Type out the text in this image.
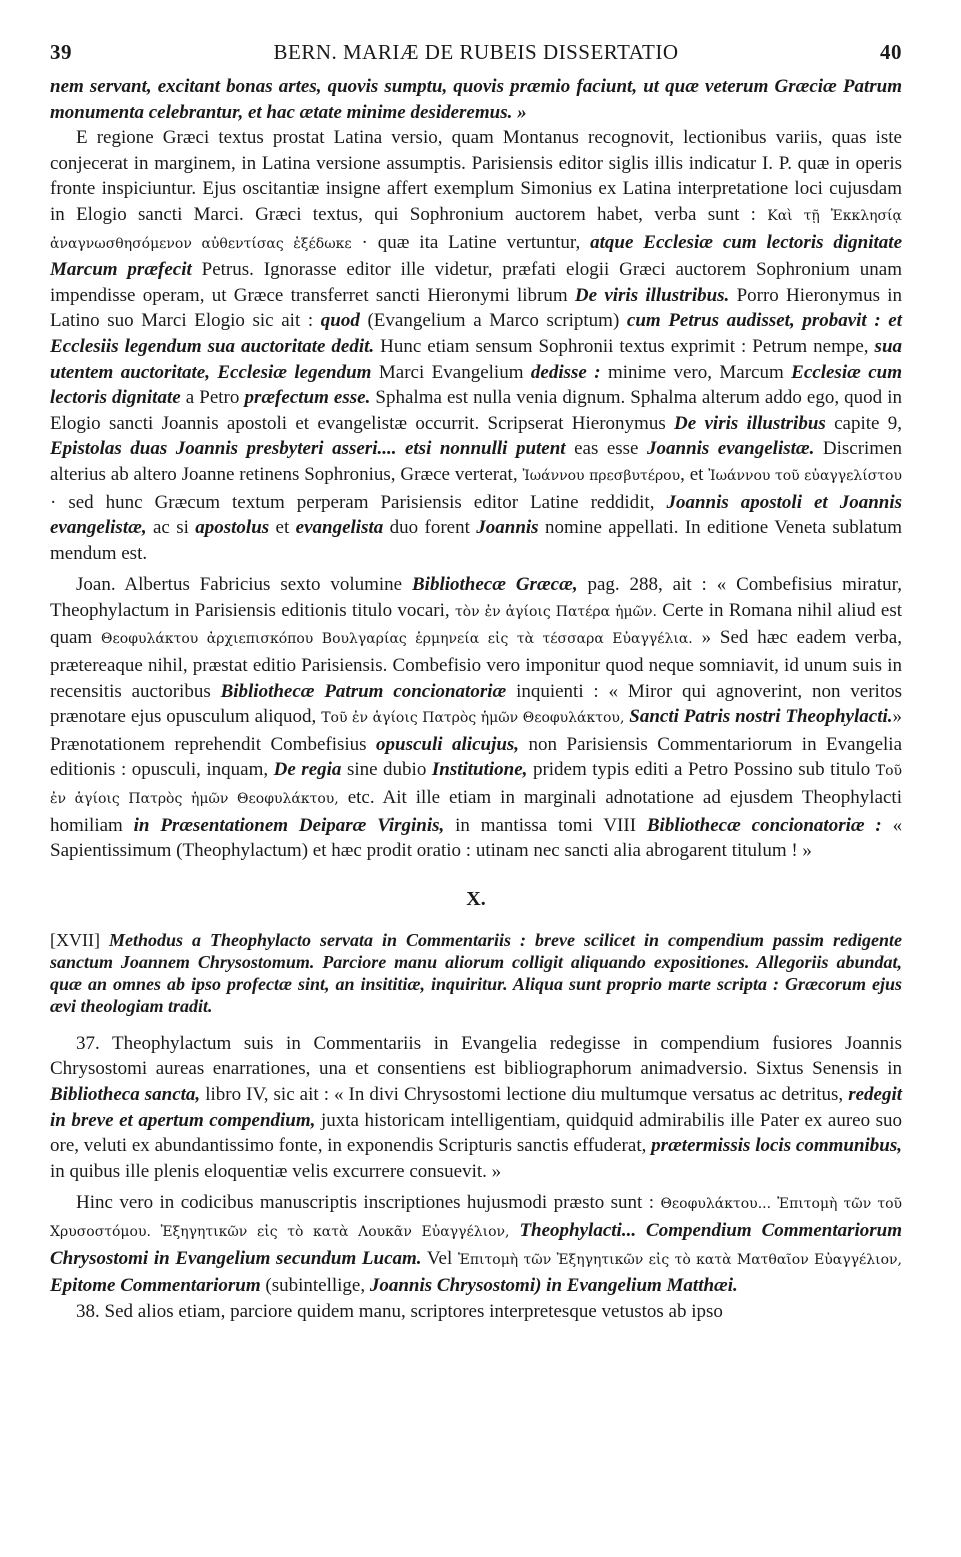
39	BERN. MARIÆ DE RUBEIS DISSERTATIO	40

nem servant, excitant bonas artes, quovis sumptu, quovis præmio faciunt, ut quæ veterum Græciæ Patrum monumenta celebrantur, et hac ætate minime desideremus. »

E regione Græci textus prostat Latina versio, quam Montanus recognovit, lectionibus variis, quas iste conjecerat in marginem, in Latina versione assumptis. Parisiensis editor siglis illis indicatur I. P. quæ in operis fronte inspiciuntur. Ejus oscitantiæ insigne affert exemplum Simonius ex Latina interpretatione loci cujusdam in Elogio sancti Marci. Græci textus, qui Sophronium auctorem habet, verba sunt : Καὶ τῇ Ἐκκλησίᾳ ἀναγνωσθησόμενον αὐθεντίσας ἐξέδωκε · quæ ita Latine vertuntur, atque Ecclesiæ cum lectoris dignitate Marcum præfecit Petrus. Ignorasse editor ille videtur, præfati elogii Græci auctorem Sophronium unam impendisse operam, ut Græce transferret sancti Hieronymi librum De viris illustribus. Porro Hieronymus in Latino suo Marci Elogio sic ait : quod (Evangelium a Marco scriptum) cum Petrus audisset, probavit : et Ecclesiis legendum sua auctoritate dedit. Hunc etiam sensum Sophronii textus exprimit : Petrum nempe, sua utentem auctoritate, Ecclesiæ legendum Marci Evangelium dedisse : minime vero, Marcum Ecclesiæ cum lectoris dignitate a Petro præfectum esse. Sphalma est nulla venia dignum. Sphalma alterum addo ego, quod in Elogio sancti Joannis apostoli et evangelistæ occurrit. Scripserat Hieronymus De viris illustribus capite 9, Epistolas duas Joannis presbyteri asseri.... etsi nonnulli putent eas esse Joannis evangelistæ. Discrimen alterius ab altero Joanne retinens Sophronius, Græce verterat, Ἰωάννου πρεσβυτέρου, et Ἰωάννου τοῦ εὐαγγελίστου · sed hunc Græcum textum perperam Parisiensis editor Latine reddidit, Joannis apostoli et Joannis evangelistæ, ac si apostolus et evangelista duo forent Joannis nomine appellati. In editione Veneta sublatum mendum est.

Joan. Albertus Fabricius sexto volumine Bibliothecæ Græcæ, pag. 288, ait : « Combefisius miratur, Theophylactum in Parisiensis editionis titulo vocari, τὸν ἐν ἁγίοις Πατέρα ἡμῶν. Certe in Romana nihil aliud est quam Θεοφυλάκτου ἀρχιεπισκόπου Βουλγαρίας ἑρμηνεία εἰς τὰ τέσσαρα Εὐαγγέλια. » Sed hæc eadem verba, prætereaque nihil, præstat editio Parisiensis. Combefisio vero imponitur quod neque somniavit, id unum suis in recensitis auctoribus Bibliothecæ Patrum concionatoriæ inquienti : « Miror qui agnoverint, non veritos prænotare ejus opusculum aliquod, Τοῦ ἐν ἁγίοις Πατρὸς ἡμῶν Θεοφυλάκτου, Sancti Patris nostri Theophylacti.» Prænotationem reprehendit Combefisius opusculi alicujus, non Parisiensis Commentariorum in Evangelia editionis : opusculi, inquam, De regia sine dubio Institutione, pridem typis editi a Petro Possino sub titulo Τοῦ ἐν ἁγίοις Πατρὸς ἡμῶν Θεοφυλάκτου, etc. Ait ille etiam in marginali adnotatione ad ejusdem Theophylacti homiliam in Præsentationem Deiparæ Virginis, in mantissa tomi VIII Bibliothecæ concionatoriæ : « Sapientissimum (Theophylactum) et hæc prodit oratio : utinam nec sancti alia abrogarent titulum ! »

X.

[XVII] Methodus a Theophylacto servata in Commentariis : breve scilicet in compendium passim redigente sanctum Joannem Chrysostomum. Parciore manu aliorum colligit aliquando expositiones. Allegoriis abundat, quæ an omnes ab ipso profectæ sint, an insititiæ, inquiritur. Aliqua sunt proprio marte scripta : Græcorum ejus ævi theologiam tradit.

37. Theophylactum suis in Commentariis in Evangelia redegisse in compendium fusiores Joannis Chrysostomi aureas enarrationes, una et consentiens est bibliographorum animadversio. Sixtus Senensis in Bibliotheca sancta, libro IV, sic ait : « In divi Chrysostomi lectione diu multumque versatus ac detritus, redegit in breve et apertum compendium, juxta historicam intelligentiam, quidquid admirabilis ille Pater ex aureo suo ore, veluti ex abundantissimo fonte, in exponendis Scripturis sanctis effuderat, prætermissis locis communibus, in quibus ille plenis eloquentiæ velis excurrere consuevit. »

Hinc vero in codicibus manuscriptis inscriptiones hujusmodi præsto sunt : Θεοφυλάκτου... Ἐπιτομὴ τῶν τοῦ Χρυσοστόμου. Ἐξηγητικῶν εἰς τὸ κατὰ Λουκᾶν Εὐαγγέλιον, Theophylacti... Compendium Commentariorum Chrysostomi in Evangelium secundum Lucam. Vel Ἐπιτομὴ τῶν Ἐξηγητικῶν εἰς τὸ κατὰ Ματθαῖον Εὐαγγέλιον, Epitome Commentariorum (subintellige, Joannis Chrysostomi) in Evangelium Matthæi.

38. Sed alios etiam, parciore quidem manu, scriptores interpretesque vetustos ab ipso
